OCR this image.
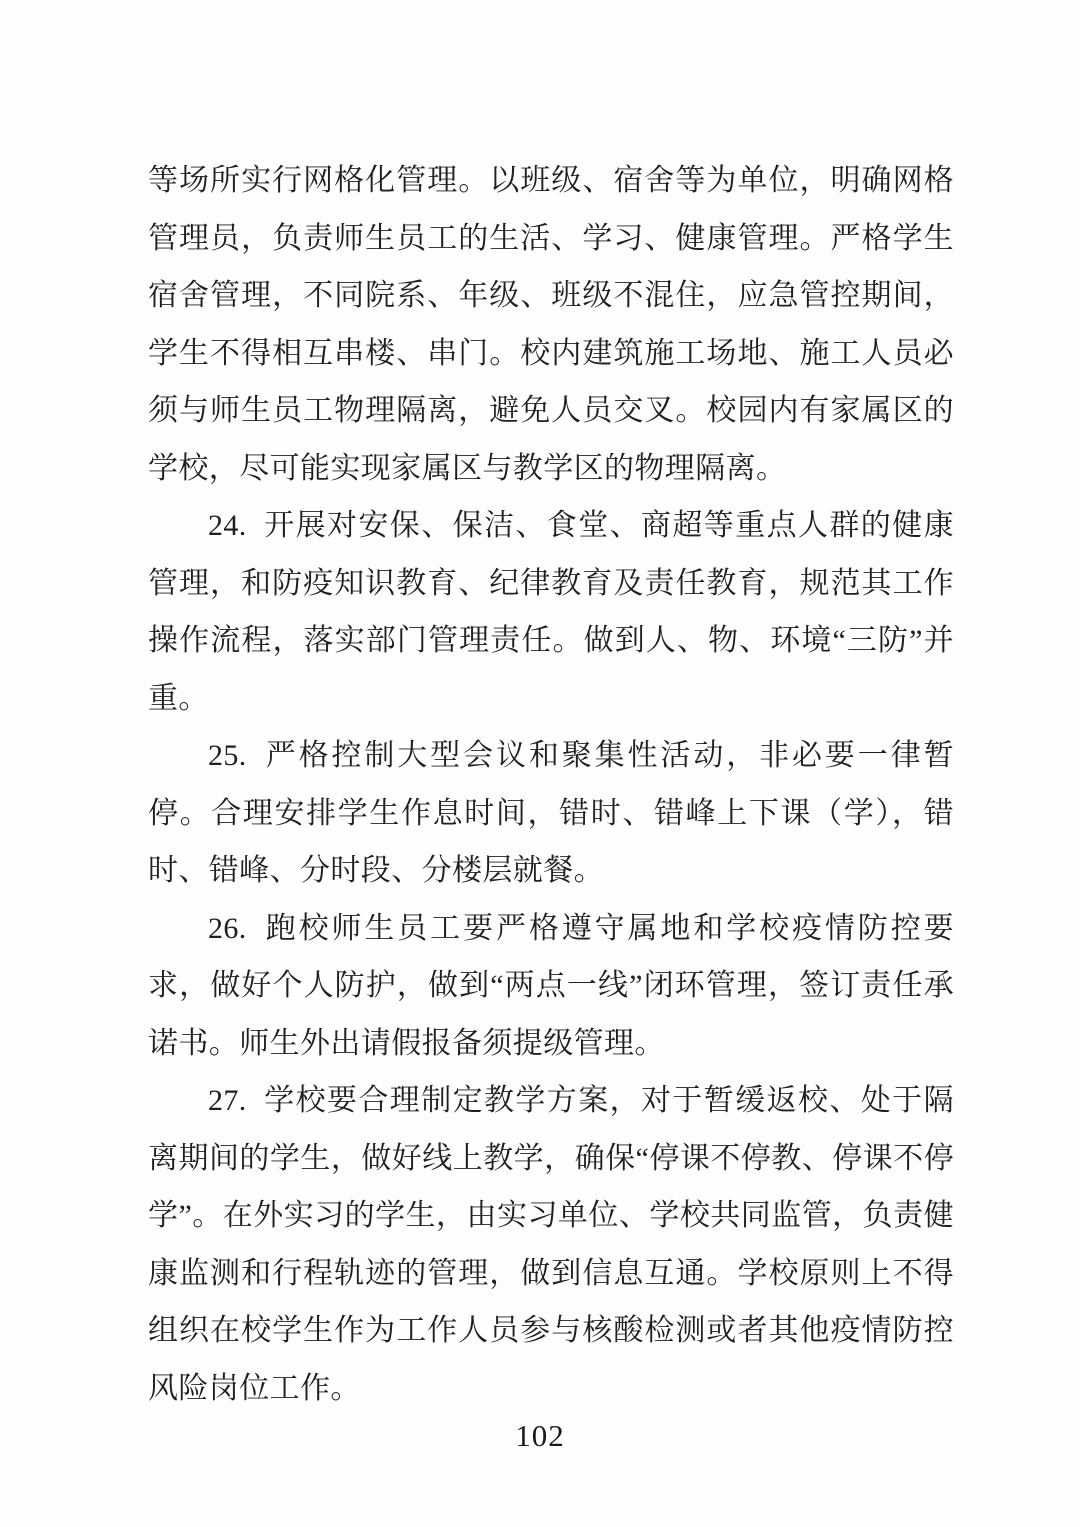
等场所实行网格化管理。以班级、宿舍等为单位，明确网格管理员，负责师生员工的生活、学习、健康管理。严格学生宿舍管理，不同院系、年级、班级不混住，应急管控期间，学生不得相互串楼、串门。校内建筑施工场地、施工人员必须与师生员工物理隔离，避免人员交叉。校园内有家属区的学校，尽可能实现家属区与教学区的物理隔离。

24. 开展对安保、保洁、食堂、商超等重点人群的健康管理，和防疫知识教育、纪律教育及责任教育，规范其工作操作流程，落实部门管理责任。做到人、物、环境“三防”并重。

25. 严格控制大型会议和聚集性活动，非必要一律暂停。合理安排学生作息时间，错时、错峰上下课（学），错时、错峰、分时段、分楼层就餐。

26. 跑校师生员工要严格遵守属地和学校疫情防控要求，做好个人防护，做到“两点一线”闭环管理，签订责任承诺书。师生外出请假报备须提级管理。

27. 学校要合理制定教学方案，对于暂缓返校、处于隔离期间的学生，做好线上教学，确保“停课不停教、停课不停学”。在外实习的学生，由实习单位、学校共同监管，负责健康监测和行程轨迹的管理，做到信息互通。学校原则上不得组织在校学生作为工作人员参与核酸检测或者其他疫情防控风险岗位工作。

102
